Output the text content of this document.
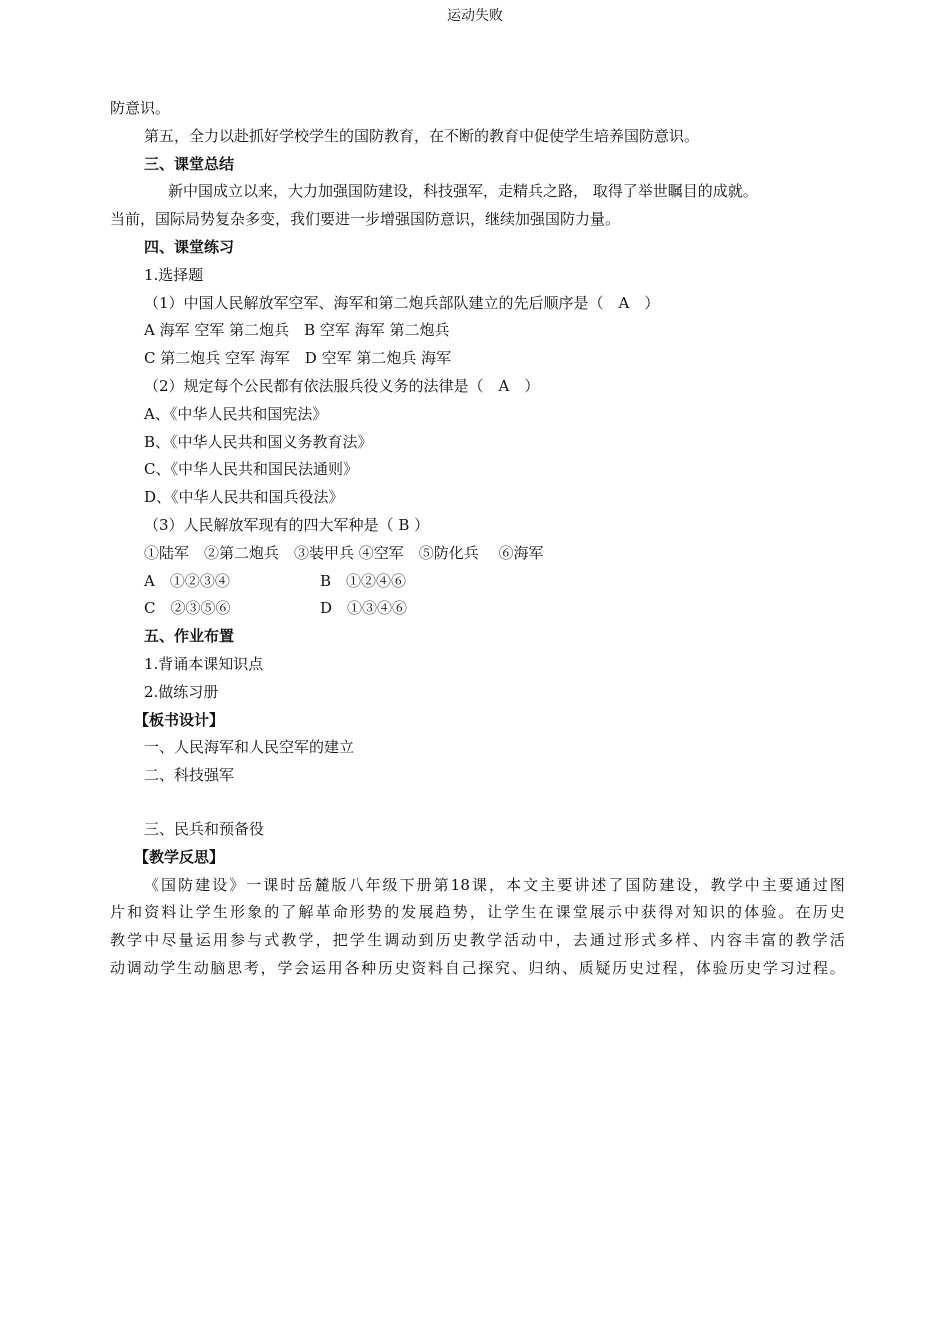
运动失败
防意识。
第五，全力以赴抓好学校学生的国防教育，在不断的教育中促使学生培养国防意识。
三、课堂总结
新中国成立以来，大力加强国防建设，科技强军，走精兵之路， 取得了举世瞩目的成就。
当前，国际局势复杂多变，我们要进一步增强国防意识，继续加强国防力量。
四、课堂练习
1.选择题
（1）中国人民解放军空军、海军和第二炮兵部队建立的先后顺序是（　A　）
A 海军 空军 第二炮兵　B 空军 海军 第二炮兵
C 第二炮兵 空军 海军　D 空军 第二炮兵 海军
（2）规定每个公民都有依法服兵役义务的法律是（　A　）
A、《中华人民共和国宪法》
B、《中华人民共和国义务教育法》
C、《中华人民共和国民法通则》
D、《中华人民共和国兵役法》
（3）人民解放军现有的四大军种是（ B ）
①陆军　②第二炮兵　③装甲兵 ④空军　⑤防化兵　 ⑥海军
A　①②③④	B　①②④⑥
C　②③⑤⑥	D　①③④⑥
五、作业布置
1.背诵本课知识点
2.做练习册
【板书设计】
一、人民海军和人民空军的建立
二、科技强军
三、民兵和预备役
【教学反思】
《国防建设》一课时岳麓版八年级下册第18课，本文主要讲述了国防建设，教学中主要通过图
片和资料让学生形象的了解革命形势的发展趋势，让学生在课堂展示中获得对知识的体验。在历史
教学中尽量运用参与式教学，把学生调动到历史教学活动中，去通过形式多样、内容丰富的教学活
动调动学生动脑思考，学会运用各种历史资料自己探究、归纳、质疑历史过程，体验历史学习过程。
